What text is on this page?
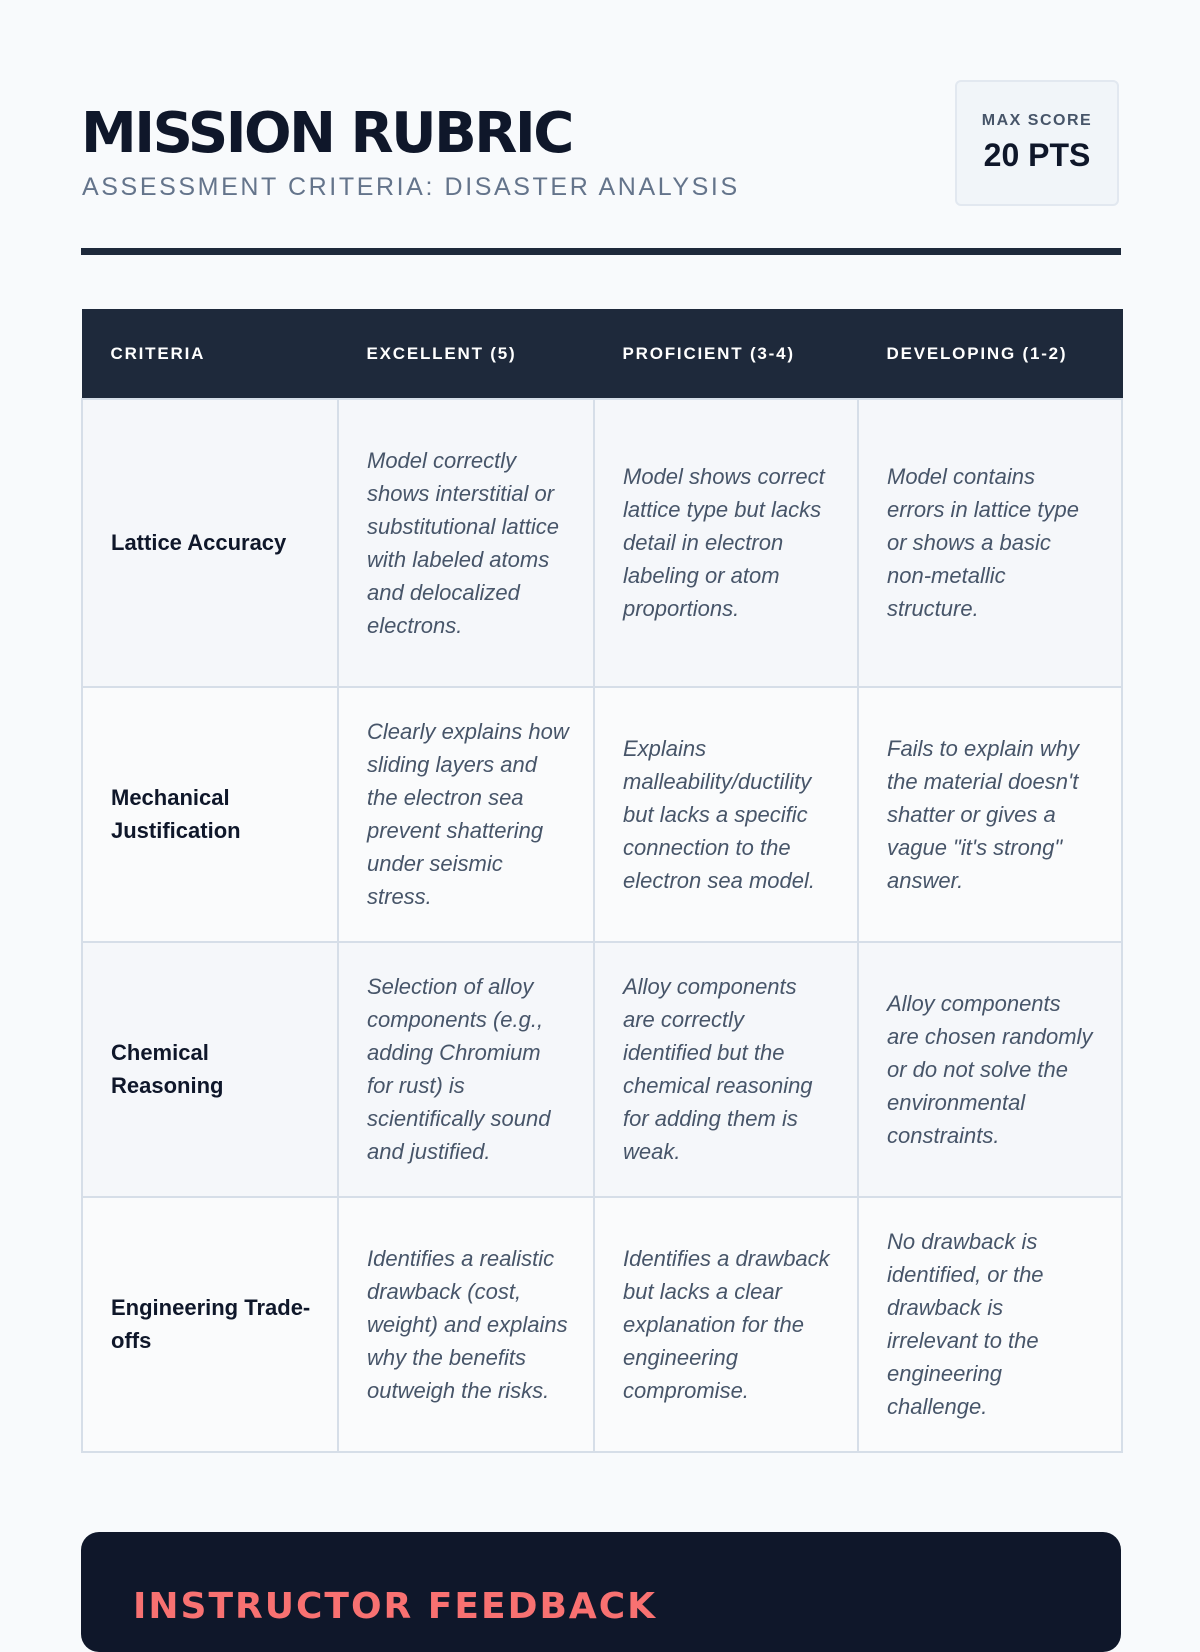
MISSION RUBRIC
ASSESSMENT CRITERIA: DISASTER ANALYSIS
MAX SCORE
20 PTS
CRITERIA	EXCELLENT (5)	PROFICIENT (3-4)	DEVELOPING (1-2)
Lattice Accuracy	Model correctly shows interstitial or substitutional lattice with labeled atoms and delocalized electrons.	Model shows correct lattice type but lacks detail in electron labeling or atom proportions.	Model contains errors in lattice type or shows a basic non-metallic structure.
Mechanical Justification	Clearly explains how sliding layers and the electron sea prevent shattering under seismic stress.	Explains malleability/ductility but lacks a specific connection to the electron sea model.	Fails to explain why the material doesn't shatter or gives a vague "it's strong" answer.
Chemical Reasoning	Selection of alloy components (e.g., adding Chromium for rust) is scientifically sound and justified.	Alloy components are correctly identified but the chemical reasoning for adding them is weak.	Alloy components are chosen randomly or do not solve the environmental constraints.
Engineering Trade-offs	Identifies a realistic drawback (cost, weight) and explains why the benefits outweigh the risks.	Identifies a drawback but lacks a clear explanation for the engineering compromise.	No drawback is identified, or the drawback is irrelevant to the engineering challenge.
INSTRUCTOR FEEDBACK
